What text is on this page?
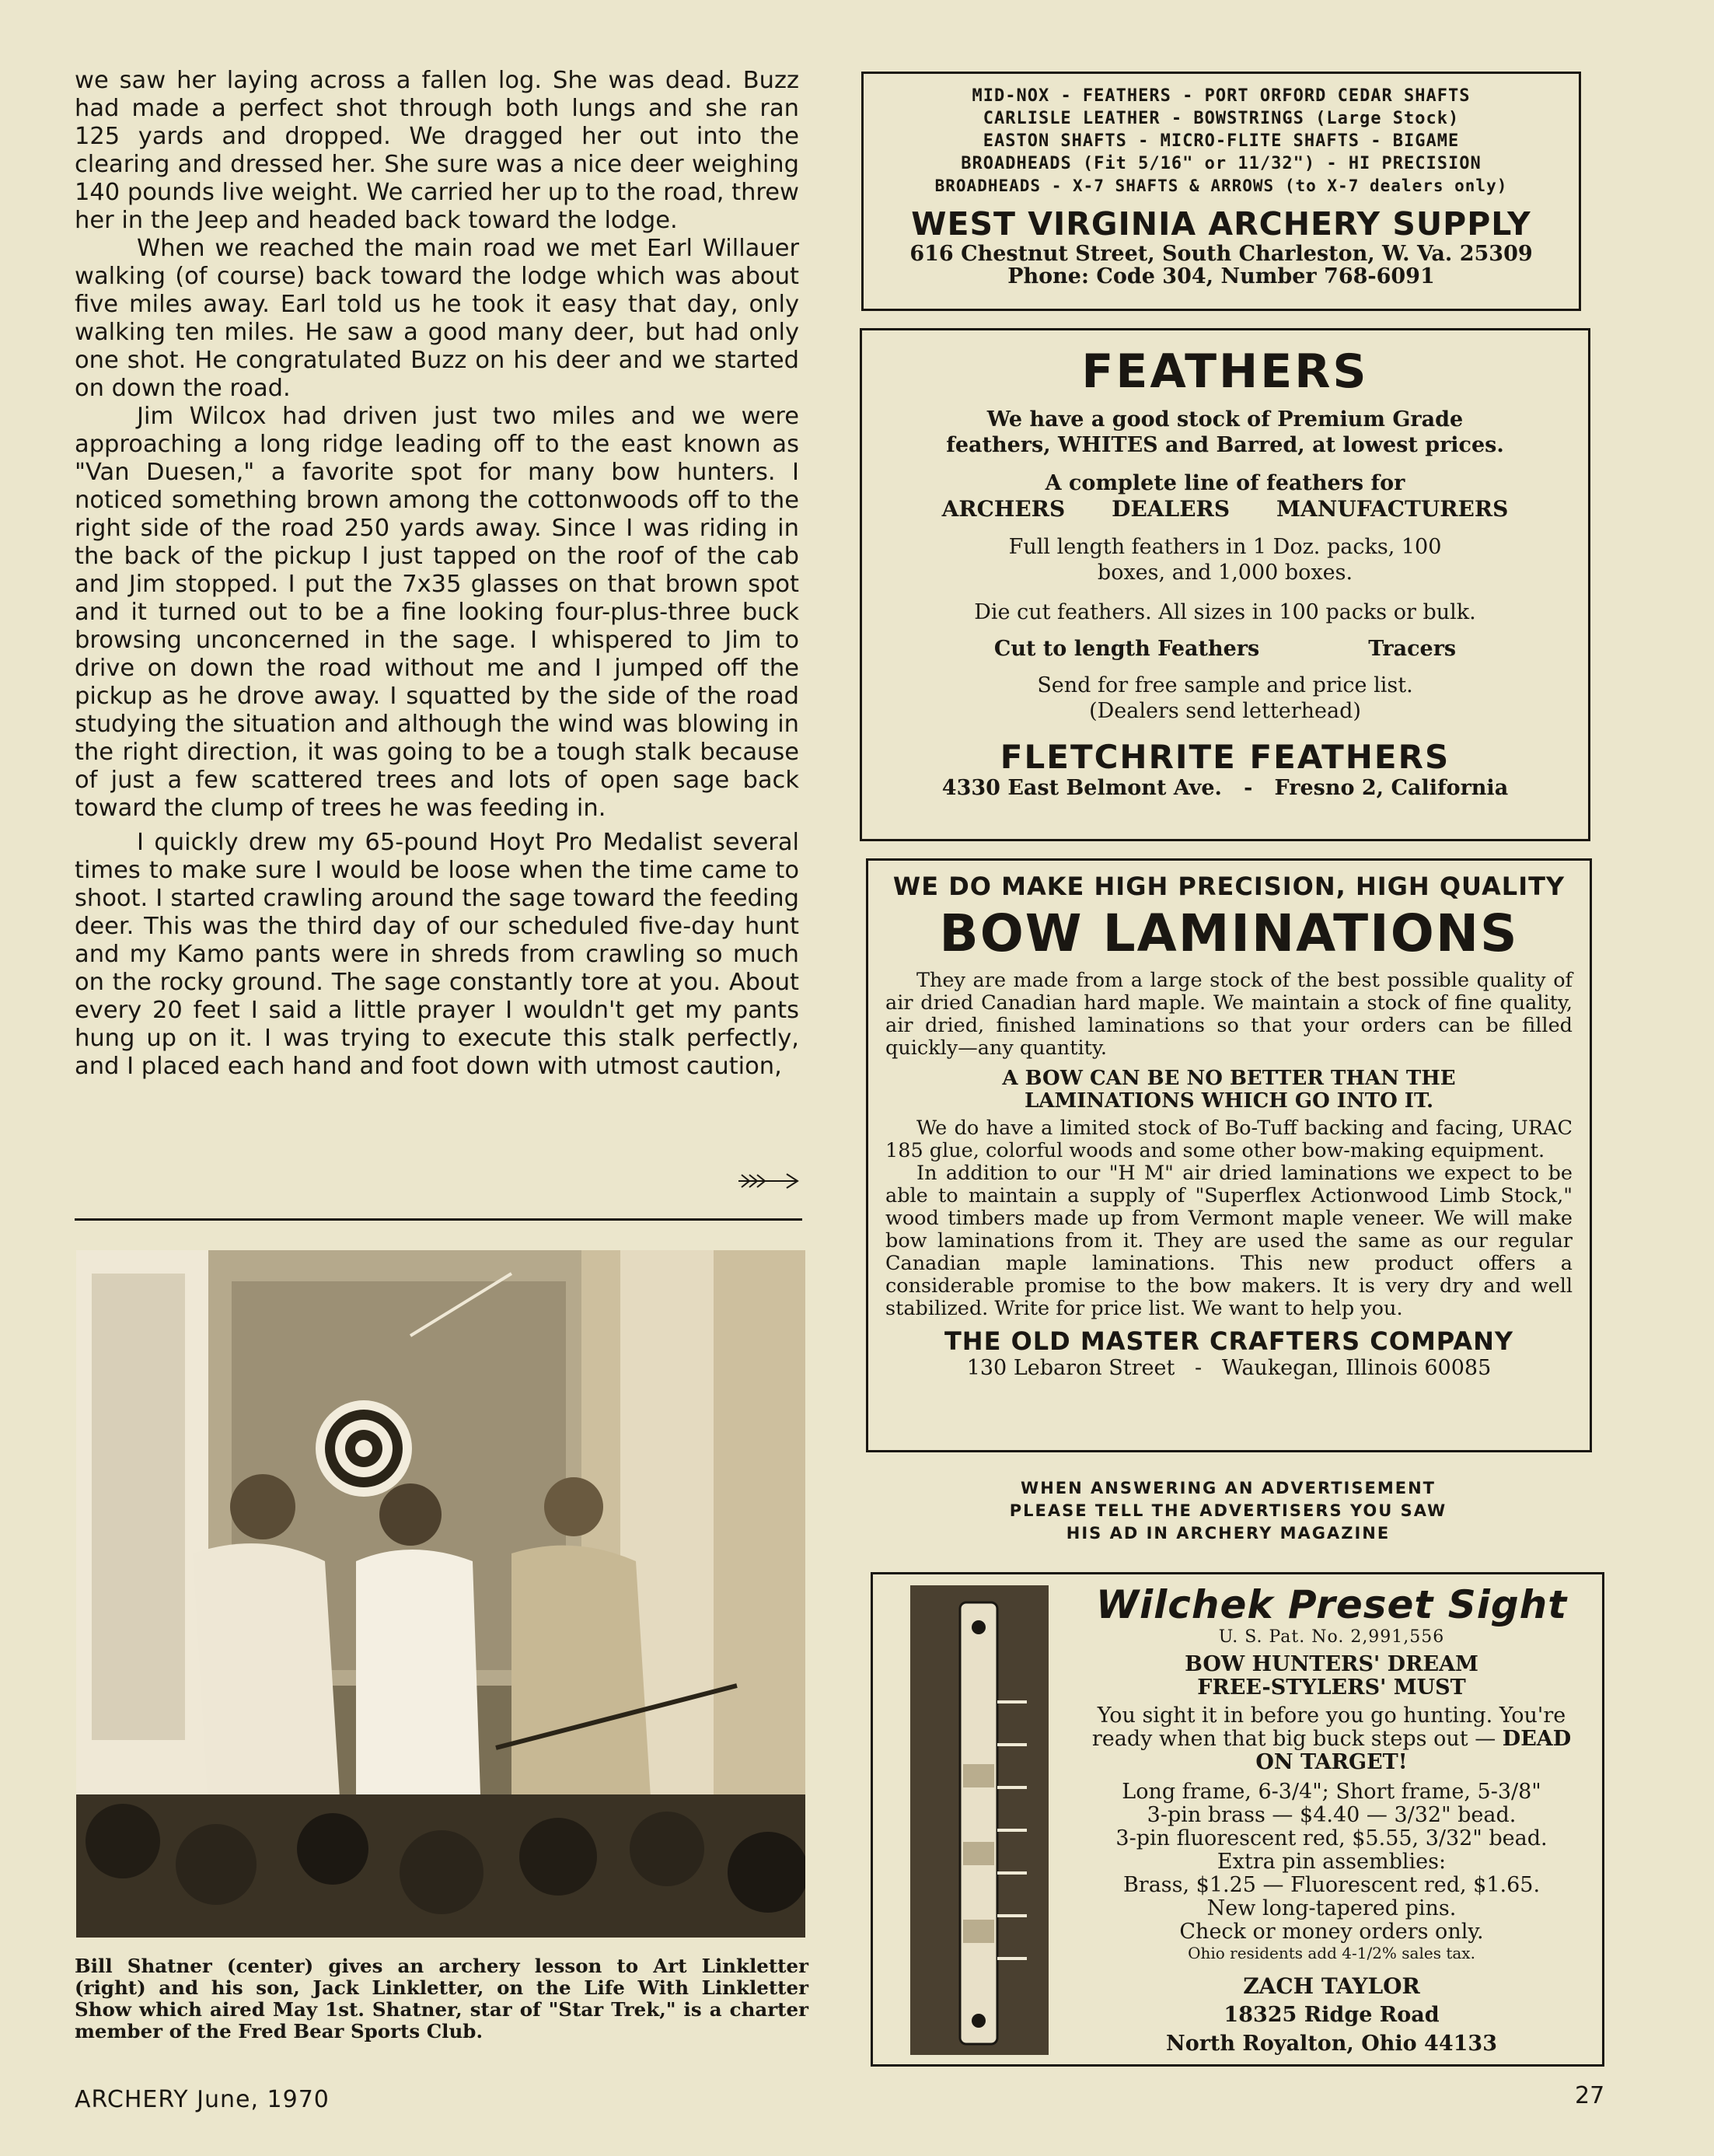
we saw her laying across a fallen log. She was dead. Buzz had made a perfect shot through both lungs and she ran 125 yards and dropped. We dragged her out into the clearing and dressed her. She sure was a nice deer weighing 140 pounds live weight. We carried her up to the road, threw her in the Jeep and headed back toward the lodge.

When we reached the main road we met Earl Willauer walking (of course) back toward the lodge which was about five miles away. Earl told us he took it easy that day, only walking ten miles. He saw a good many deer, but had only one shot. He congratulated Buzz on his deer and we started on down the road.

Jim Wilcox had driven just two miles and we were approaching a long ridge leading off to the east known as "Van Duesen," a favorite spot for many bow hunters. I noticed something brown among the cottonwoods off to the right side of the road 250 yards away. Since I was riding in the back of the pickup I just tapped on the roof of the cab and Jim stopped. I put the 7x35 glasses on that brown spot and it turned out to be a fine looking four-plus-three buck browsing unconcerned in the sage. I whispered to Jim to drive on down the road without me and I jumped off the pickup as he drove away. I squatted by the side of the road studying the situation and although the wind was blowing in the right direction, it was going to be a tough stalk because of just a few scattered trees and lots of open sage back toward the clump of trees he was feeding in.

I quickly drew my 65-pound Hoyt Pro Medalist several times to make sure I would be loose when the time came to shoot. I started crawling around the sage toward the feeding deer. This was the third day of our scheduled five-day hunt and my Kamo pants were in shreds from crawling so much on the rocky ground. The sage constantly tore at you. About every 20 feet I said a little prayer I wouldn't get my pants hung up on it. I was trying to execute this stalk perfectly, and I placed each hand and foot down with utmost caution,

Bill Shatner (center) gives an archery lesson to Art Linkletter (right) and his son, Jack Linkletter, on the Life With Linkletter Show which aired May 1st. Shatner, star of "Star Trek," is a charter member of the Fred Bear Sports Club.
ARCHERY June, 1970	27
MID-NOX - FEATHERS - PORT ORFORD CEDAR SHAFTS
CARLISLE LEATHER - BOWSTRINGS (Large Stock)
EASTON SHAFTS - MICRO-FLITE SHAFTS - BIGAME
BROADHEADS (Fit 5/16" or 11/32") - HI PRECISION
BROADHEADS - X-7 SHAFTS & ARROWS (to X-7 dealers only)
WEST VIRGINIA ARCHERY SUPPLY
616 Chestnut Street, South Charleston, W. Va. 25309
Phone: Code 304, Number 768-6091
FEATHERS
We have a good stock of Premium Grade feathers, WHITES and Barred, at lowest prices.
A complete line of feathers for
ARCHERS DEALERS MANUFACTURERS
Full length feathers in 1 Doz. packs, 100 boxes, and 1,000 boxes.
Die cut feathers. All sizes in 100 packs or bulk.
Cut to length Feathers	Tracers
Send for free sample and price list.
(Dealers send letterhead)
FLETCHRITE FEATHERS
4330 East Belmont Ave.   -   Fresno 2, California
WE DO MAKE HIGH PRECISION, HIGH QUALITY
BOW LAMINATIONS
They are made from a large stock of the best possible quality of air dried Canadian hard maple. We maintain a stock of fine quality, air dried, finished laminations so that your orders can be filled quickly—any quantity.
A BOW CAN BE NO BETTER THAN THE LAMINATIONS WHICH GO INTO IT.
We do have a limited stock of Bo-Tuff backing and facing, URAC 185 glue, colorful woods and some other bow-making equipment.
In addition to our "H M" air dried laminations we expect to be able to maintain a supply of "Superflex Actionwood Limb Stock," wood timbers made up from Vermont maple veneer. We will make bow laminations from it. They are used the same as our regular Canadian maple laminations. This new product offers a considerable promise to the bow makers. It is very dry and well stabilized. Write for price list. We want to help you.
THE OLD MASTER CRAFTERS COMPANY
130 Lebaron Street   -   Waukegan, Illinois 60085
WHEN ANSWERING AN ADVERTISEMENT
PLEASE TELL THE ADVERTISERS YOU SAW
HIS AD IN ARCHERY MAGAZINE
Wilchek Preset Sight
U. S. Pat. No. 2,991,556
BOW HUNTERS' DREAM
FREE-STYLERS' MUST
You sight it in before you go hunting. You're ready when that big buck steps out — DEAD ON TARGET!
Long frame, 6-3/4"; Short frame, 5-3/8"
3-pin brass — $4.40 — 3/32" bead.
3-pin fluorescent red, $5.55, 3/32" bead.
Extra pin assemblies:
Brass, $1.25 — Fluorescent red, $1.65.
New long-tapered pins.
Check or money orders only.
Ohio residents add 4-1/2% sales tax.
ZACH TAYLOR
18325 Ridge Road
North Royalton, Ohio 44133
